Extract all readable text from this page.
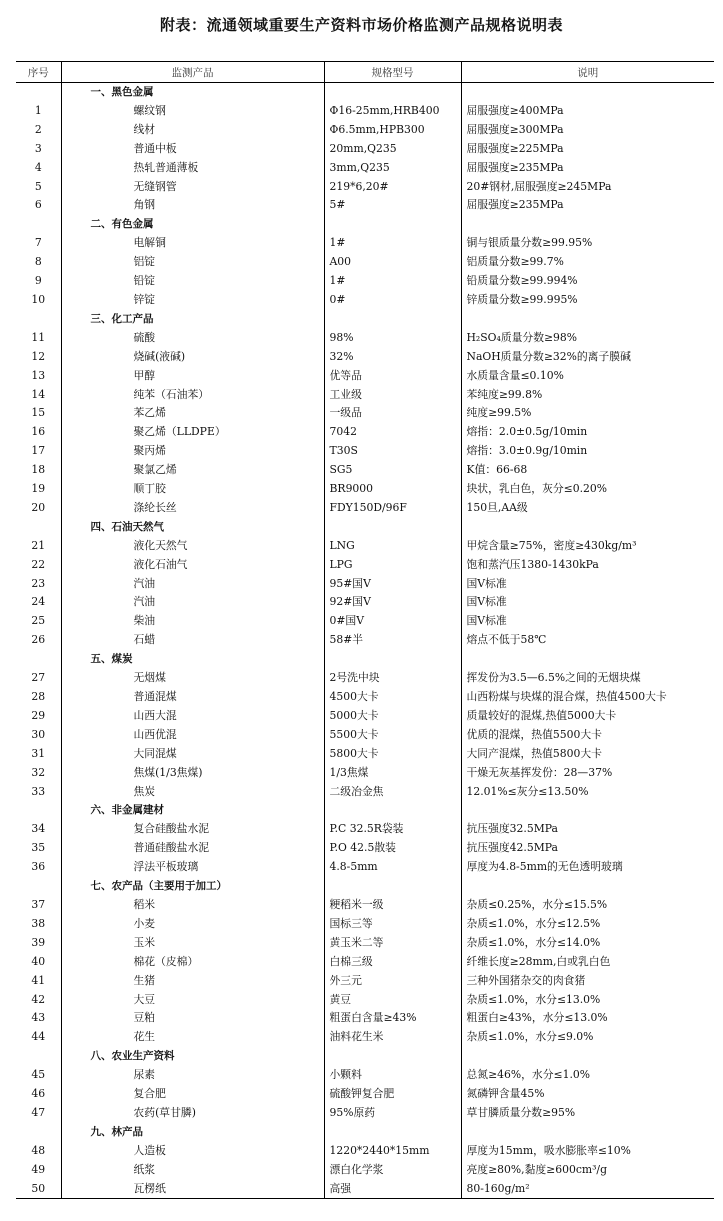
附表：流通领域重要生产资料市场价格监测产品规格说明表
序号	监测产品	规格型号	说明
	一、黑色金属		
1	螺纹钢	Φ16-25mm,HRB400	屈服强度≥400MPa
2	线材	Φ6.5mm,HPB300	屈服强度≥300MPa
3	普通中板	20mm,Q235	屈服强度≥225MPa
4	热轧普通薄板	3mm,Q235	屈服强度≥235MPa
5	无缝钢管	219*6,20#	20#钢材,屈服强度≥245MPa
6	角钢	5#	屈服强度≥235MPa
	二、有色金属		
7	电解铜	1#	铜与银质量分数≥99.95%
8	铝锭	A00	铝质量分数≥99.7%
9	铅锭	1#	铅质量分数≥99.994%
10	锌锭	0#	锌质量分数≥99.995%
	三、化工产品		
11	硫酸	98%	H₂SO₄质量分数≥98%
12	烧碱(液碱)	32%	NaOH质量分数≥32%的离子膜碱
13	甲醇	优等品	水质量含量≤0.10%
14	纯苯（石油苯）	工业级	苯纯度≥99.8%
15	苯乙烯	一级品	纯度≥99.5%
16	聚乙烯（LLDPE）	7042	熔指：2.0±0.5g/10min
17	聚丙烯	T30S	熔指：3.0±0.9g/10min
18	聚氯乙烯	SG5	K值：66-68
19	顺丁胶	BR9000	块状，乳白色，灰分≤0.20%
20	涤纶长丝	FDY150D/96F	150旦,AA级
	四、石油天然气		
21	液化天然气	LNG	甲烷含量≥75%，密度≥430kg/m³
22	液化石油气	LPG	饱和蒸汽压1380-1430kPa
23	汽油	95#国Ⅴ	国Ⅴ标准
24	汽油	92#国Ⅴ	国Ⅴ标准
25	柴油	0#国Ⅴ	国Ⅴ标准
26	石蜡	58#半	熔点不低于58℃
	五、煤炭		
27	无烟煤	2号洗中块	挥发份为3.5—6.5%之间的无烟块煤
28	普通混煤	4500大卡	山西粉煤与块煤的混合煤，热值4500大卡
29	山西大混	5000大卡	质量较好的混煤,热值5000大卡
30	山西优混	5500大卡	优质的混煤，热值5500大卡
31	大同混煤	5800大卡	大同产混煤，热值5800大卡
32	焦煤(1/3焦煤)	1/3焦煤	干燥无灰基挥发份：28—37%
33	焦炭	二级冶金焦	12.01%≤灰分≤13.50%
	六、非金属建材		
34	复合硅酸盐水泥	P.C 32.5R袋装	抗压强度32.5MPa
35	普通硅酸盐水泥	P.O 42.5散装	抗压强度42.5MPa
36	浮法平板玻璃	4.8-5mm	厚度为4.8-5mm的无色透明玻璃
	七、农产品（主要用于加工）		
37	稻米	粳稻米一级	杂质≤0.25%，水分≤15.5%
38	小麦	国标三等	杂质≤1.0%，水分≤12.5%
39	玉米	黄玉米二等	杂质≤1.0%，水分≤14.0%
40	棉花（皮棉）	白棉三级	纤维长度≥28mm,白或乳白色
41	生猪	外三元	三种外国猪杂交的肉食猪
42	大豆	黄豆	杂质≤1.0%，水分≤13.0%
43	豆粕	粗蛋白含量≥43%	粗蛋白≥43%，水分≤13.0%
44	花生	油料花生米	杂质≤1.0%，水分≤9.0%
	八、农业生产资料		
45	尿素	小颗料	总氮≥46%，水分≤1.0%
46	复合肥	硫酸钾复合肥	氮磷钾含量45%
47	农药(草甘膦)	95%原药	草甘膦质量分数≥95%
	九、林产品		
48	人造板	1220*2440*15mm	厚度为15mm，吸水膨胀率≤10%
49	纸浆	漂白化学浆	亮度≥80%,黏度≥600cm³/g
50	瓦楞纸	高强	80-160g/m²
